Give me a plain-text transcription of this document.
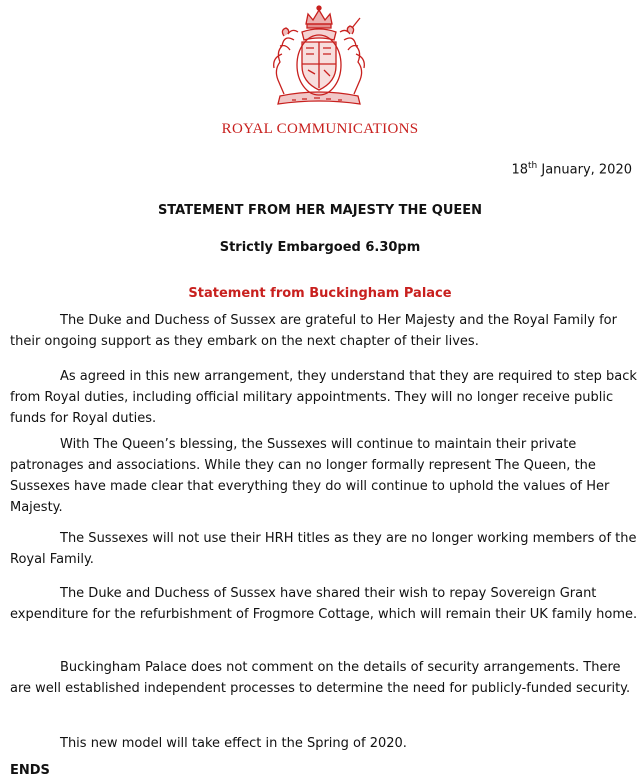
ROYAL COMMUNICATIONS
18th January, 2020
STATEMENT FROM HER MAJESTY THE QUEEN
Strictly Embargoed 6.30pm
Statement from Buckingham Palace

The Duke and Duchess of Sussex are grateful to Her Majesty and the Royal Family for their ongoing support as they embark on the next chapter of their lives.

As agreed in this new arrangement, they understand that they are required to step back from Royal duties, including official military appointments. They will no longer receive public funds for Royal duties.

With The Queen’s blessing, the Sussexes will continue to maintain their private patronages and associations. While they can no longer formally represent The Queen, the Sussexes have made clear that everything they do will continue to uphold the values of Her Majesty.

The Sussexes will not use their HRH titles as they are no longer working members of the Royal Family.

The Duke and Duchess of Sussex have shared their wish to repay Sovereign Grant expenditure for the refurbishment of Frogmore Cottage, which will remain their UK family home.

Buckingham Palace does not comment on the details of security arrangements. There are well established independent processes to determine the need for publicly-funded security.

This new model will take effect in the Spring of 2020.

ENDS
